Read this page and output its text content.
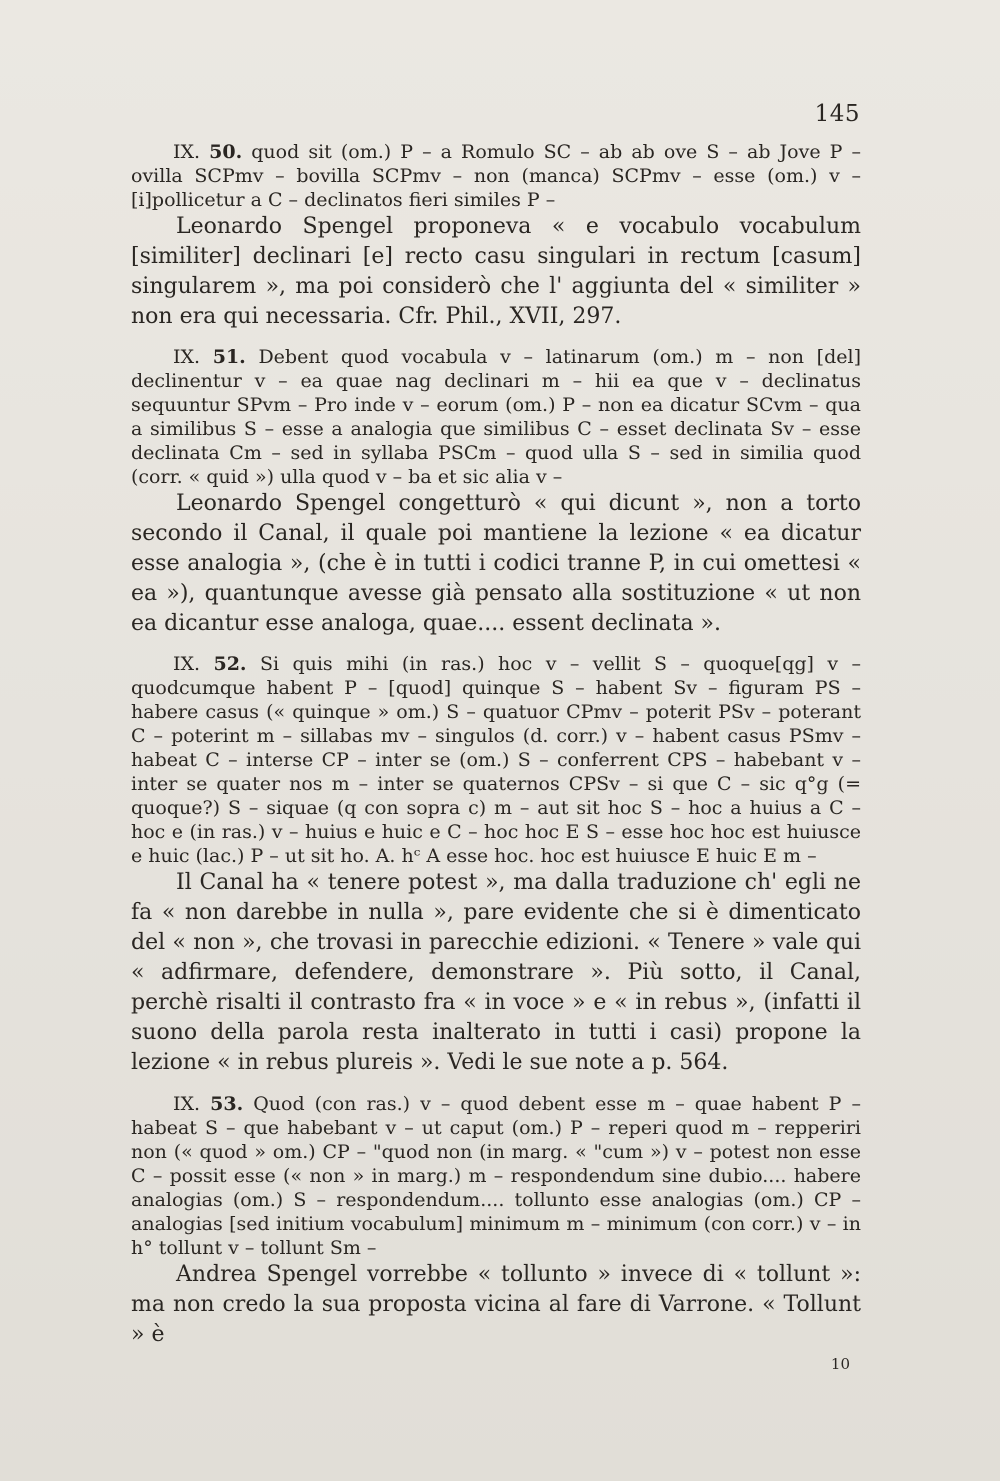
145

IX. 50. quod sit (om.) P – a Romulo SC – ab ab ove S – ab Jove P – ovilla SCPmv – bovilla SCPmv – non (manca) SCPmv – esse (om.) v – [i]pollicetur a C – declinatos fieri similes P –

Leonardo Spengel proponeva « e vocabulo vocabulum [similiter] declinari [e] recto casu singulari in rectum [casum] singularem », ma poi considerò che l' aggiunta del « similiter » non era qui necessaria. Cfr. Phil., XVII, 297.

IX. 51. Debent quod vocabula v – latinarum (om.) m – non [del] declinentur v – ea quae naց declinari m – hii ea que v – declinatus sequuntur SPvm – Pro inde v – eorum (om.) P – non ea dicatur SCvm – qua a similibus S – esse a analogia que similibus C – esset declinata Sv – esse declinata Cm – sed in syllaba PSCm – quod ulla S – sed in similia quod (corr. « quid ») ulla quod v – ba et sic alia v –

Leonardo Spengel congetturò « qui dicunt », non a torto secondo il Canal, il quale poi mantiene la lezione « ea dicatur esse analogia », (che è in tutti i codici tranne P, in cui omettesi « ea »), quantunque avesse già pensato alla sostituzione « ut non ea dicantur esse analoga, quae.... essent declinata ».

IX. 52. Si quis mihi (in ras.) hoc v – vellit S – quoque[qց] v – quodcumque habent P – [quod] quinque S – habent Sv – figuram PS – habere casus (« quinque » om.) S – quatuor CPmv – poterit PSv – poterant C – poterint m – sillabas mv – singulos (d. corr.) v – habent casus PSmv – habeat C – interse CP – inter se (om.) S – conferrent CPS – habebant v – inter se quater nos m – inter se quaternos CPSv – si que C – sic q°ց (= quoque?) S – siquae (q con sopra c) m – aut sit hoc S – hoc a huius a C – hoc e (in ras.) v – huius e huic e C – hoc hoc E S – esse hoc hoc est huiusce e huic (lac.) P – ut sit ho. A. hᶜ A esse hoc. hoc est huiusce E huic E m –

Il Canal ha « tenere potest », ma dalla traduzione ch' egli ne fa « non darebbe in nulla », pare evidente che si è dimenticato del « non », che trovasi in parecchie edizioni. « Tenere » vale qui « adfirmare, defendere, demonstrare ». Più sotto, il Canal, perchè risalti il contrasto fra « in voce » e « in rebus », (infatti il suono della parola resta inalterato in tutti i casi) propone la lezione « in rebus plureis ». Vedi le sue note a p. 564.

IX. 53. Quod (con ras.) v – quod debent esse m – quae habent P – habeat S – que habebant v – ut caput (om.) P – reperi quod m – repperiri non (« quod » om.) CP – "quod non (in marg. « "cum ») v – potest non esse C – possit esse (« non » in marg.) m – respondendum sine dubio.... habere analogias (om.) S – respondendum.... tollunto esse analogias (om.) CP – analogias [sed initium vocabulum] minimum m – minimum (con corr.) v – in h° tollunt v – tollunt Sm –

Andrea Spengel vorrebbe « tollunto » invece di « tollunt »: ma non credo la sua proposta vicina al fare di Varrone. « Tollunt » è

10
